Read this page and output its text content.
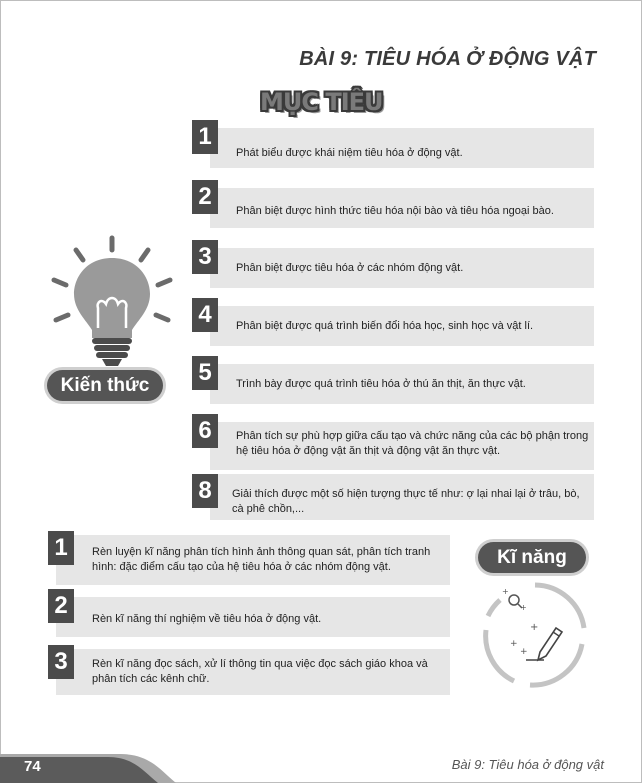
BÀI 9: TIÊU HÓA Ở ĐỘNG VẬT
MỤC TIÊU
1
Phát biểu được khái niệm tiêu hóa ở động vật.
2
Phân biệt được hình thức tiêu hóa nội bào và tiêu hóa ngoại bào.
3	Phân biệt được tiêu hóa ở các nhóm động vật.
4	Phân biệt được quá trình biến đổi hóa học, sinh học và vật lí.
5	Trình bày được quá trình tiêu hóa ở thú ăn thịt, ăn thực vật.
6	Phân tích sự phù hợp giữa cấu tạo và chức năng của các bộ phận trong hệ tiêu hóa ở động vật ăn thịt và động vật ăn thực vật.
8	Giải thích được một số hiện tượng thực tế như: ợ lại nhai lại ở trâu, bò, cà phê chồn,...
Kiến thức
1	Rèn luyện kĩ năng phân tích hình ảnh thông quan sát, phân tích tranh hình: đặc điểm cấu tạo của hệ tiêu hóa ở các nhóm động vật.
2	Rèn kĩ năng thí nghiệm về tiêu hóa ở động vật.
3	Rèn kĩ năng đọc sách, xử lí thông tin qua việc đọc sách giáo khoa và phân tích các kênh chữ.
Kĩ năng
+
+
+
+
+
74	Bài 9: Tiêu hóa ở động vật
